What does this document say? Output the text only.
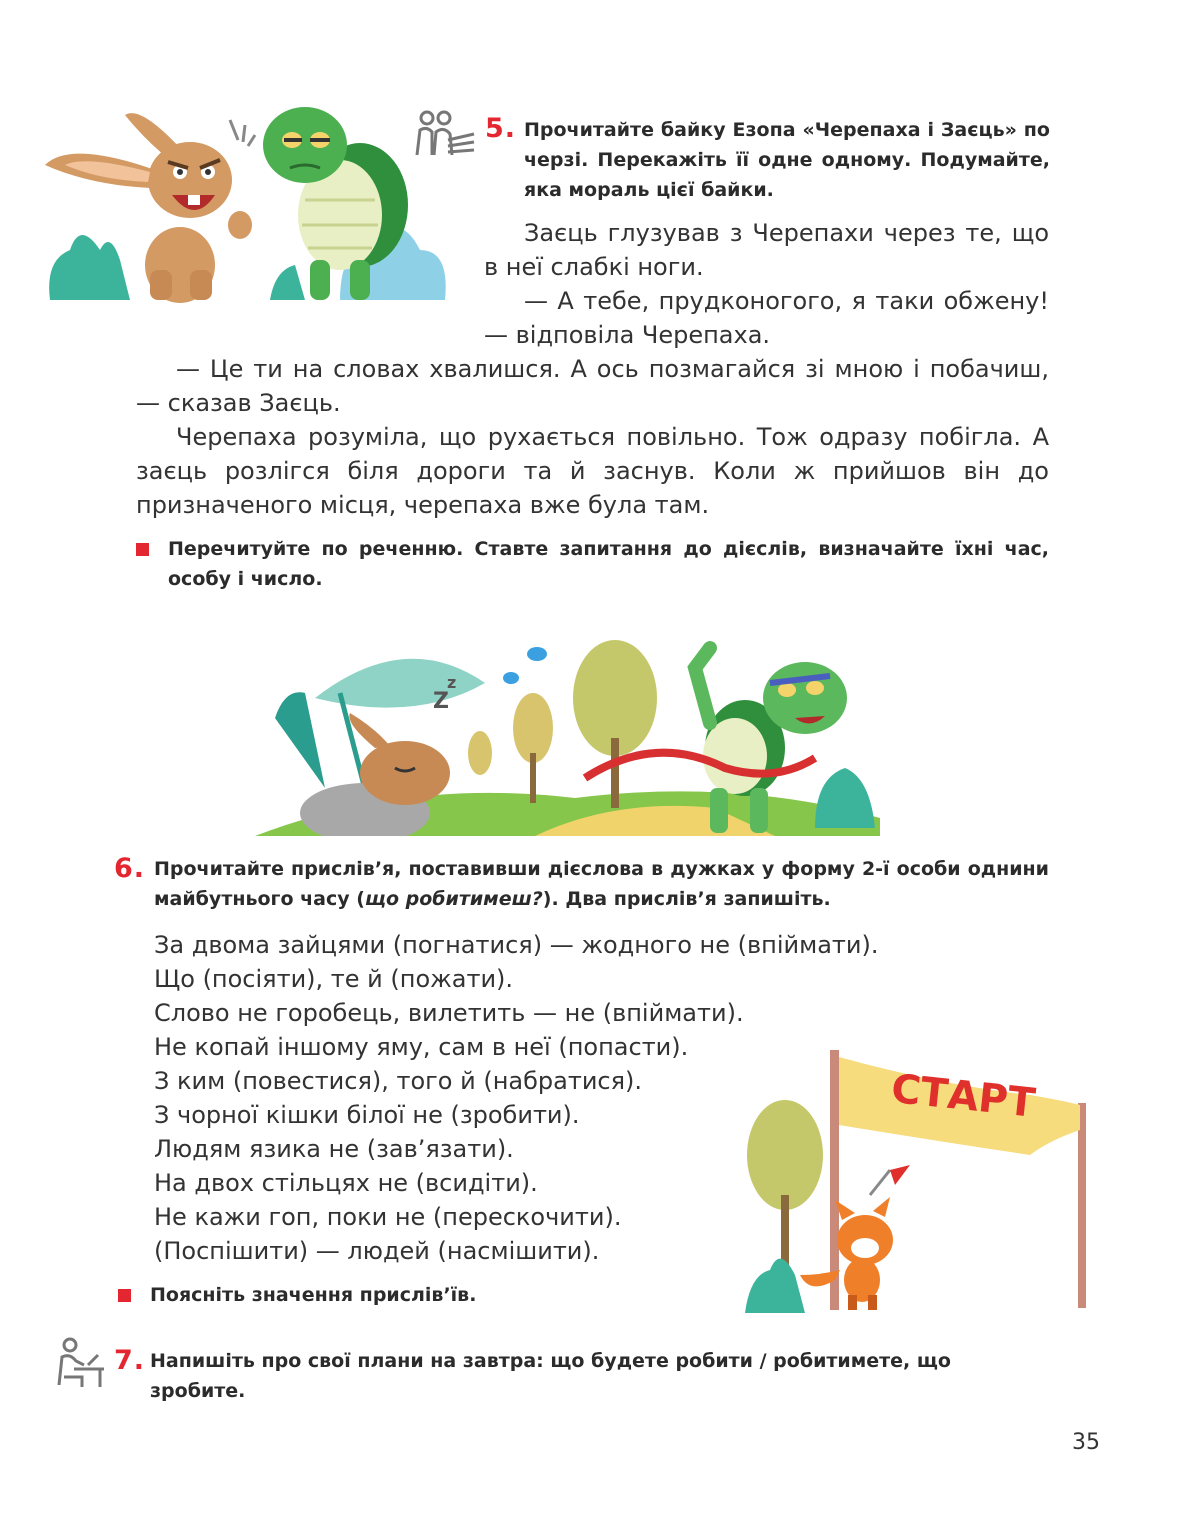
5. Прочитайте байку Езопа «Черепаха і Заєць» по черзі. Перекажіть її одне одному. Подумайте, яка мораль цієї байки.
Заєць глузував з Черепахи через те, що в неї слабкі ноги.
— А тебе, прудконогого, я таки обжену! — відповіла Черепаха.
— Це ти на словах хвалишся. А ось позмагайся зі мною і побачиш, — сказав Заєць.
Черепаха розуміла, що рухається повільно. Тож одразу побігла. А заєць розлігся біля дороги та й заснув. Коли ж прийшов він до призначеного місця, черепаха вже була там.
Перечитуйте по реченню. Ставте запитання до дієслів, визначайте їхні час, особу і число.
Z
z
6. Прочитайте прислів’я, поставивши дієслова в дужках у форму 2-ї особи однини майбутнього часу (що робитимеш?). Два прислів’я запишіть.
За двома зайцями (погнатися) — жодного не (впіймати).
Що (посіяти), те й (пожати).
Слово не горобець, вилетить — не (впіймати).
Не копай іншому яму, сам в неї (попасти).
З ким (повестися), того й (набратися).
З чорної кішки білої не (зробити).
Людям язика не (зав’язати).
На двох стільцях не (всидіти).
Не кажи гоп, поки не (перескочити).
(Поспішити) — людей (насмішити).
СТАРТ
Поясніть значення прислів’їв.
7. Напишіть про свої плани на завтра: що будете робити / робитимете, що зробите.
35
